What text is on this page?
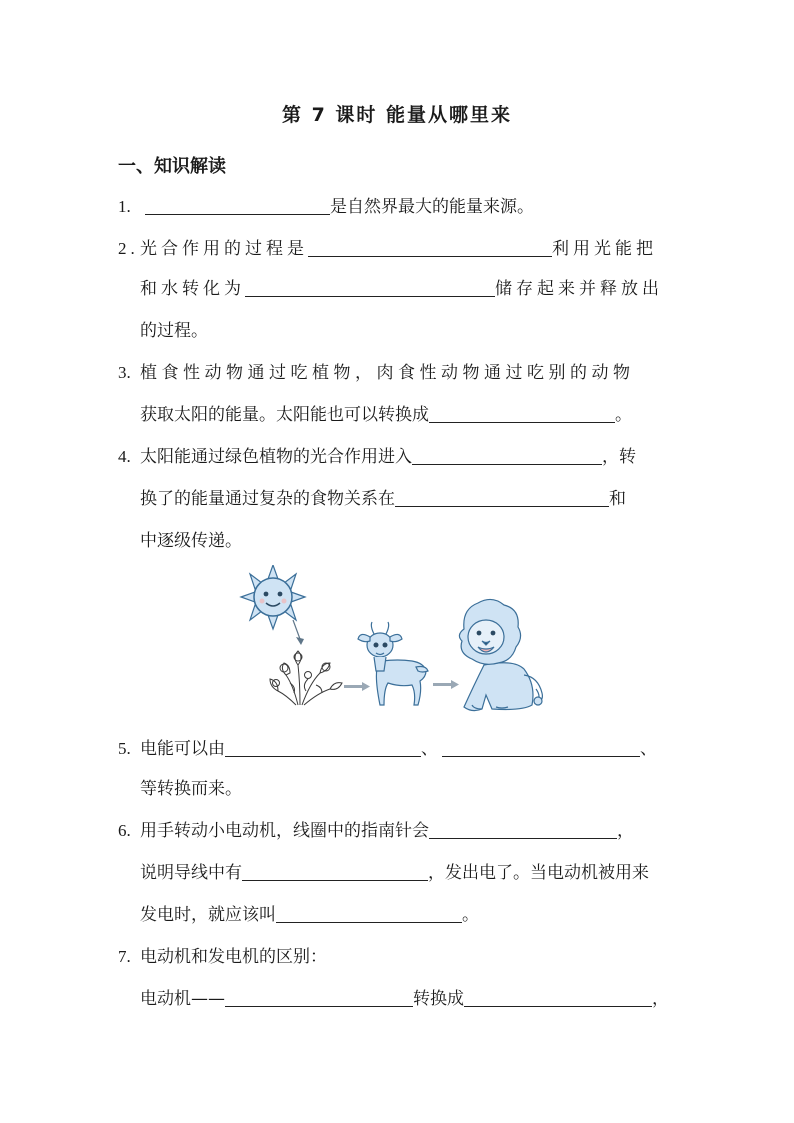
第 7 课时 能量从哪里来
一、知识解读
1.	是自然界最大的能量来源。
2. 光合作用的过程是	利用光能把
和水转化为	储存起来并释放出
的过程。
3. 植食性动物通过吃植物，肉食性动物通过吃别的动物
获取太阳的能量。太阳能也可以转换成	。
4. 太阳能通过绿色植物的光合作用进入	，转
换了的能量通过复杂的食物关系在	和
中逐级传递。
5. 电能可以由	、	、
等转换而来。
6. 用手转动小电动机，线圈中的指南针会	，
说明导线中有	，发出电了。当电动机被用来
发电时，就应该叫	。
7. 电动机和发电机的区别：
电动机——	转换成	，
